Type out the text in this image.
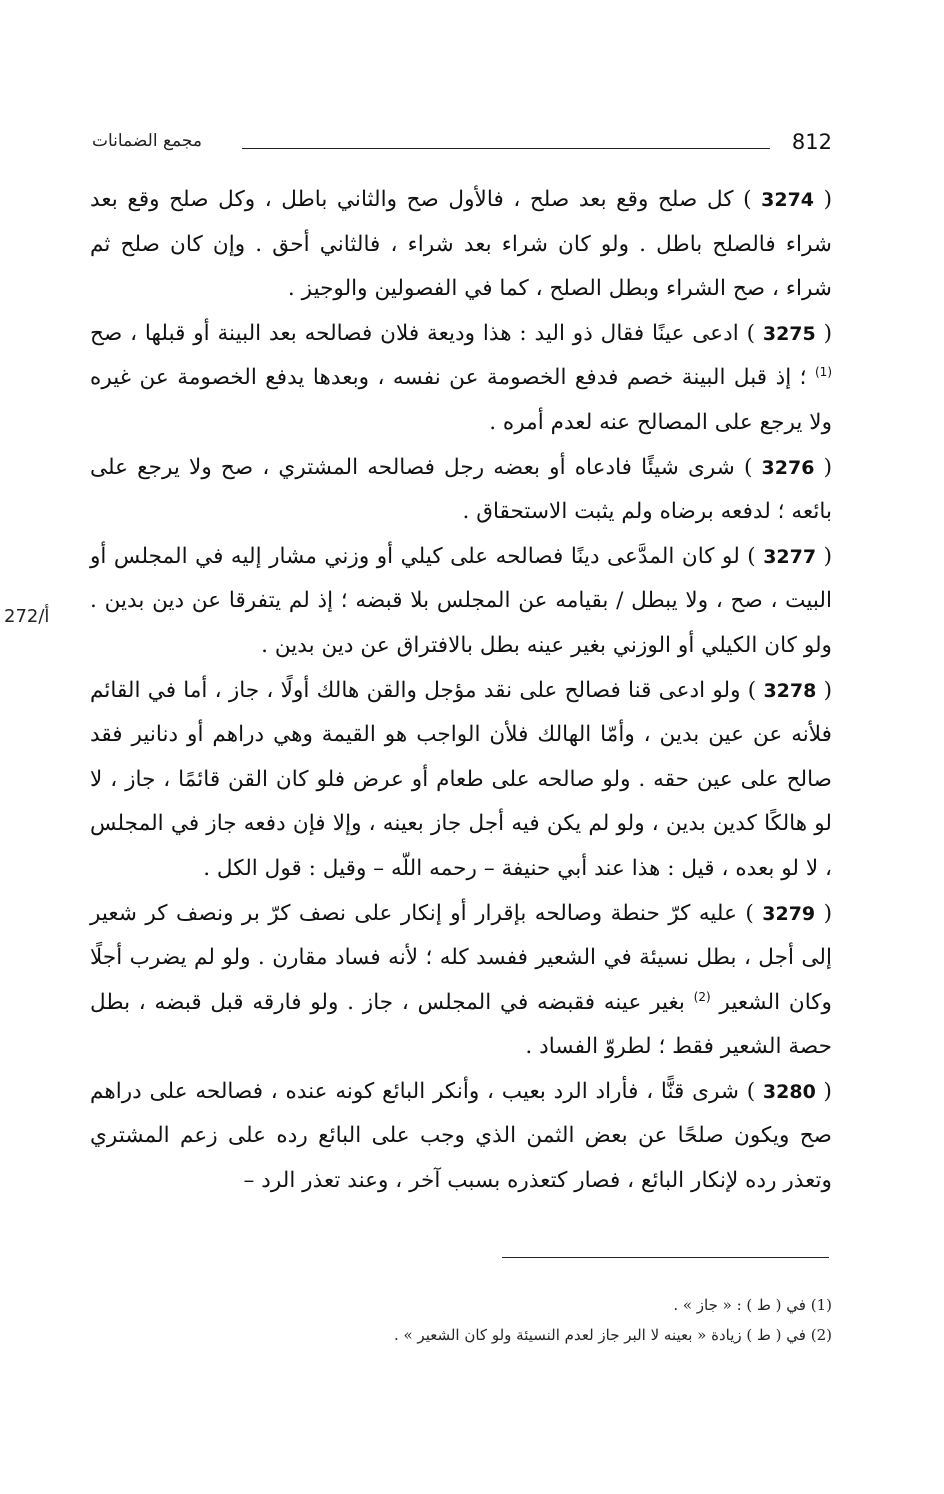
812
مجمع الضمانات

( 3274 ) كل صلح وقع بعد صلح ، فالأول صح والثاني باطل ، وكل صلح وقع بعد شراء فالصلح باطل . ولو كان شراء بعد شراء ، فالثاني أحق . وإن كان صلح ثم شراء ، صح الشراء وبطل الصلح ، كما في الفصولين والوجيز .

( 3275 ) ادعى عينًا فقال ذو اليد : هذا وديعة فلان فصالحه بعد البينة أو قبلها ، صح $^{(1)}$ ؛ إذ قبل البينة خصم فدفع الخصومة عن نفسه ، وبعدها يدفع الخصومة عن غيره ولا يرجع على المصالح عنه لعدم أمره .

( 3276 ) شرى شيئًا فادعاه أو بعضه رجل فصالحه المشتري ، صح ولا يرجع على بائعه ؛ لدفعه برضاه ولم يثبت الاستحقاق .

( 3277 ) لو كان المدَّعى دينًا فصالحه على كيلي أو وزني مشار إليه في المجلس أو البيت ، صح ، ولا يبطل / بقيامه عن المجلس بلا قبضه ؛ إذ لم يتفرقا عن دين بدين . ولو كان الكيلي أو الوزني بغير عينه بطل بالافتراق عن دين بدين .

( 3278 ) ولو ادعى قنا فصالح على نقد مؤجل والقن هالك أولًا ، جاز ، أما في القائم فلأنه عن عين بدين ، وأمّا الهالك فلأن الواجب هو القيمة وهي دراهم أو دنانير فقد صالح على عين حقه . ولو صالحه على طعام أو عرض فلو كان القن قائمًا ، جاز ، لا لو هالكًا كدين بدين ، ولو لم يكن فيه أجل جاز بعينه ، وإلا فإن دفعه جاز في المجلس ، لا لو بعده ، قيل : هذا عند أبي حنيفة – رحمه اللّه – وقيل : قول الكل .

( 3279 ) عليه كرّ حنطة وصالحه بإقرار أو إنكار على نصف كرّ بر ونصف كر شعير إلى أجل ، بطل نسيئة في الشعير ففسد كله ؛ لأنه فساد مقارن . ولو لم يضرب أجلًا وكان الشعير $^{(2)}$ بغير عينه فقبضه في المجلس ، جاز . ولو فارقه قبل قبضه ، بطل حصة الشعير فقط ؛ لطروّ الفساد .

( 3280 ) شرى قنًّا ، فأراد الرد بعيب ، وأنكر البائع كونه عنده ، فصالحه على دراهم صح ويكون صلحًا عن بعض الثمن الذي وجب على البائع رده على زعم المشتري وتعذر رده لإنكار البائع ، فصار كتعذره بسبب آخر ، وعند تعذر الرد –

272/أ

(1) في ( ط ) : « جاز » .

(2) في ( ط ) زيادة « بعينه لا البر جاز لعدم النسيئة ولو كان الشعير » .
